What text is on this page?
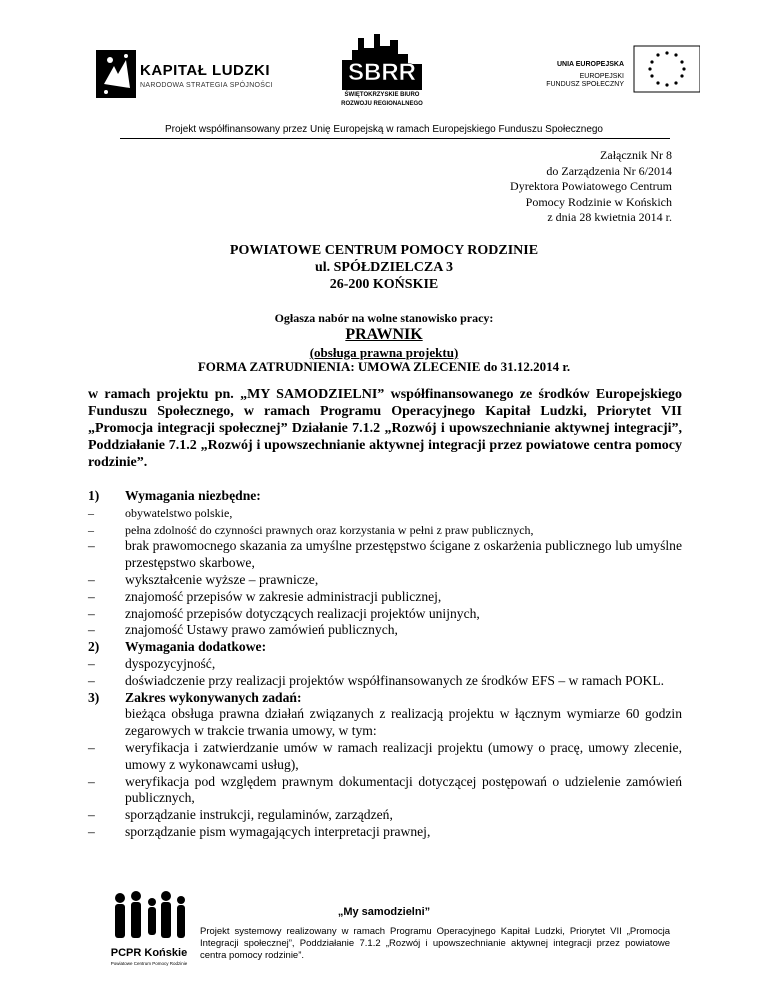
KAPITAŁ LUDZKI
NARODOWA STRATEGIA SPÓJNOŚCI	SBRR
ŚWIĘTOKRZYSKIE BIURO
ROZWOJU REGIONALNEGO
UNIA EUROPEJSKA
EUROPEJSKI
FUNDUSZ SPOŁECZNY
Projekt współfinansowany przez Unię Europejską w ramach Europejskiego Funduszu Społecznego
Załącznik Nr 8
do Zarządzenia Nr 6/2014
Dyrektora Powiatowego Centrum
Pomocy Rodzinie w Końskich
z dnia 28 kwietnia 2014 r.
POWIATOWE CENTRUM POMOCY RODZINIE
ul. SPÓŁDZIELCZA 3
26-200 KOŃSKIE
Ogłasza nabór na wolne stanowisko pracy:
PRAWNIK
(obsługa prawna projektu)
FORMA ZATRUDNIENIA: UMOWA ZLECENIE do 31.12.2014 r.
w ramach projektu pn. „MY SAMODZIELNI” współfinansowanego ze środków Europejskiego Funduszu Społecznego, w ramach Programu Operacyjnego Kapitał Ludzki, Priorytet VII „Promocja integracji społecznej” Działanie 7.1.2 „Rozwój i upowszechnianie aktywnej integracji”, Poddziałanie 7.1.2 „Rozwój i upowszechnianie aktywnej integracji przez powiatowe centra pomocy rodzinie”.
1)	Wymagania niezbędne:
–	obywatelstwo polskie,
–	pełna zdolność do czynności prawnych oraz korzystania w pełni z praw publicznych,
–	brak prawomocnego skazania za umyślne przestępstwo ścigane z oskarżenia publicznego lub umyślne przestępstwo skarbowe,
–	wykształcenie wyższe – prawnicze,
–	znajomość przepisów w zakresie administracji publicznej,
–	znajomość przepisów dotyczących realizacji projektów unijnych,
–	znajomość Ustawy prawo zamówień publicznych,
2)	Wymagania dodatkowe:
–	dyspozycyjność,
–	doświadczenie przy realizacji projektów współfinansowanych ze środków EFS – w ramach POKL.
3)	Zakres wykonywanych zadań:
bieżąca obsługa prawna działań związanych z realizacją projektu w łącznym wymiarze 60 godzin zegarowych w trakcie trwania umowy, w tym:
–	weryfikacja i zatwierdzanie umów w ramach realizacji projektu (umowy o pracę, umowy zlecenie, umowy z wykonawcami usług),
–	weryfikacja pod względem prawnym dokumentacji dotyczącej postępowań o udzielenie zamówień publicznych,
–	sporządzanie instrukcji, regulaminów, zarządzeń,
–	sporządzanie pism wymagających interpretacji prawnej,
PCPR Końskie
Powiatowe Centrum Pomocy Rodzinie
„My samodzielni”
Projekt systemowy realizowany w ramach Programu Operacyjnego Kapitał Ludzki, Priorytet VII „Promocja Integracji społecznej”, Poddziałanie 7.1.2 „Rozwój i upowszechnianie aktywnej integracji przez powiatowe centra pomocy rodzinie”.
